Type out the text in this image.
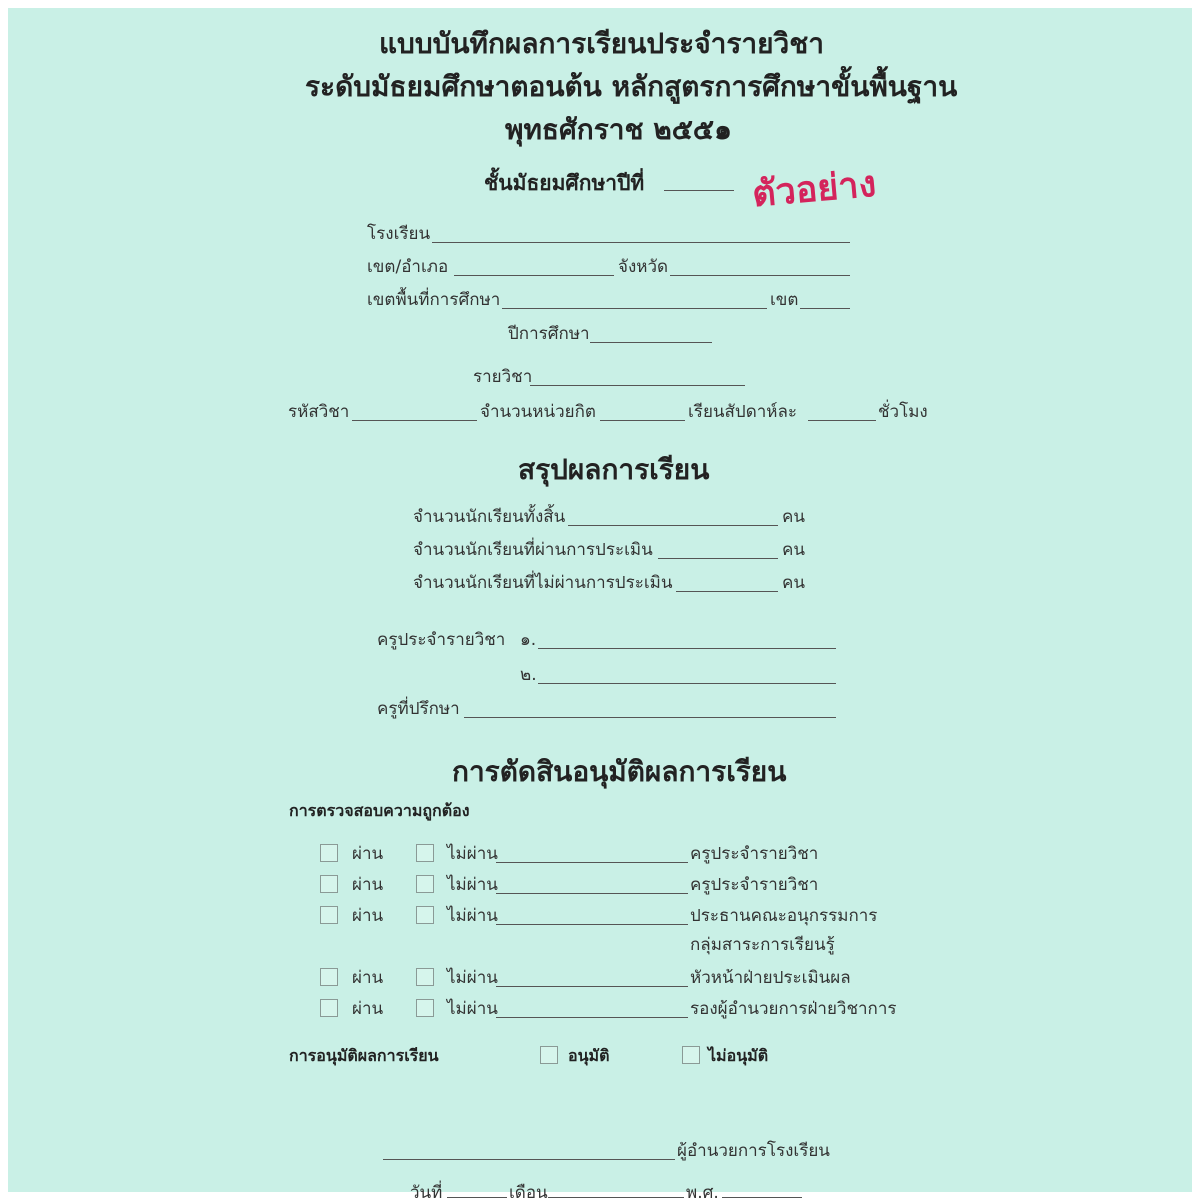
แบบบันทึกผลการเรียนประจำรายวิชา
ระดับมัธยมศึกษาตอนต้น หลักสูตรการศึกษาขั้นพื้นฐาน
พุทธศักราช ๒๕๕๑
ชั้นมัธยมศึกษาปีที่	ตัวอย่าง
โรงเรียน
เขต/อำเภอ	จังหวัด
เขตพื้นที่การศึกษา	เขต
ปีการศึกษา
รายวิชา
รหัสวิชา	จำนวนหน่วยกิต	เรียนสัปดาห์ละ	ชั่วโมง
สรุปผลการเรียน
จำนวนนักเรียนทั้งสิ้น	คน
จำนวนนักเรียนที่ผ่านการประเมิน	คน
จำนวนนักเรียนที่ไม่ผ่านการประเมิน	คน
ครูประจำรายวิชา ๑.
๒.
ครูที่ปรึกษา
การตัดสินอนุมัติผลการเรียน
การตรวจสอบความถูกต้อง
ผ่าน	ไม่ผ่าน	ครูประจำรายวิชา
ผ่าน	ไม่ผ่าน	ครูประจำรายวิชา
ผ่าน	ไม่ผ่าน	ประธานคณะอนุกรรมการ
กลุ่มสาระการเรียนรู้
ผ่าน	ไม่ผ่าน	หัวหน้าฝ่ายประเมินผล
ผ่าน	ไม่ผ่าน	รองผู้อำนวยการฝ่ายวิชาการ
การอนุมัติผลการเรียน	อนุมัติ	ไม่อนุมัติ
ผู้อำนวยการโรงเรียน
วันที่	เดือน	พ.ศ.
